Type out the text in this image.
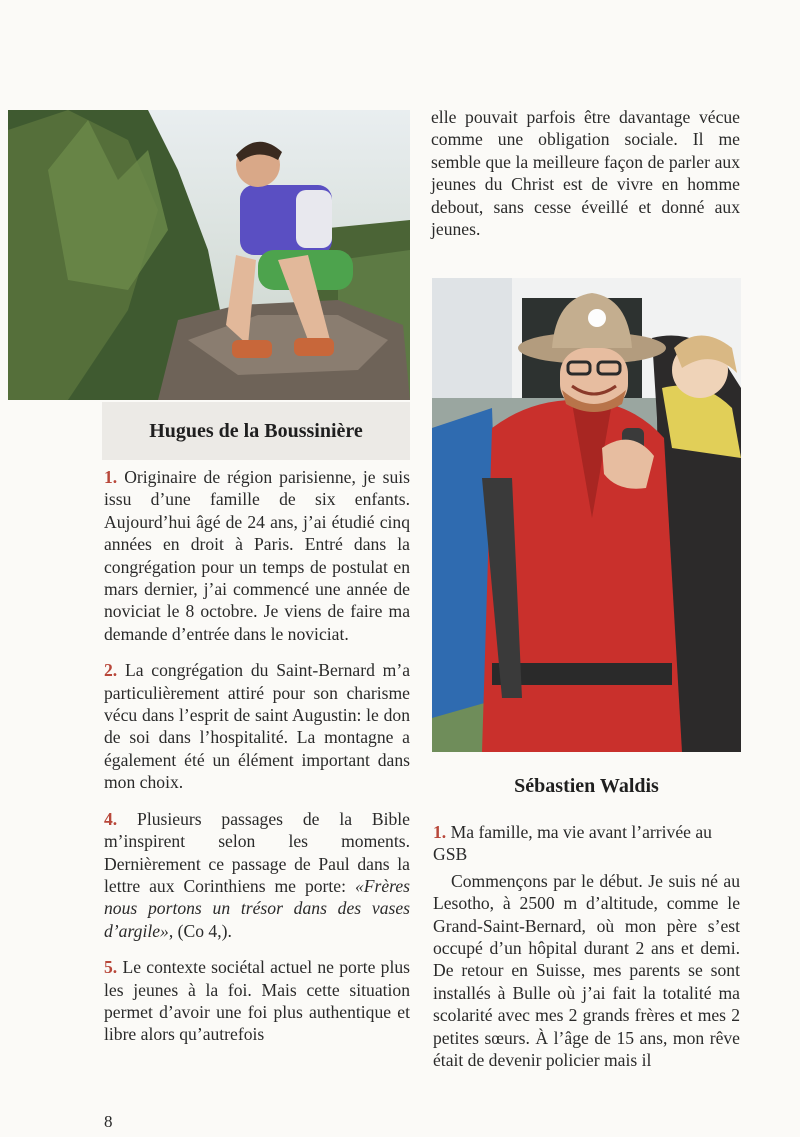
Hugues de la Boussinière

1. Originaire de région parisienne, je suis issu d’une famille de six enfants. Aujourd’hui âgé de 24 ans, j’ai étudié cinq années en droit à Paris. Entré dans la congrégation pour un temps de postulat en mars dernier, j’ai commencé une année de noviciat le 8 octobre. Je viens de faire ma demande d’entrée dans le noviciat.

2. La congrégation du Saint-Bernard m’a particulièrement attiré pour son charisme vécu dans l’esprit de saint Augustin: le don de soi dans l’hospitalité. La montagne a également été un élément important dans mon choix.

4. Plusieurs passages de la Bible m’inspirent selon les moments. Dernièrement ce passage de Paul dans la lettre aux Corinthiens me porte: «Frères nous portons un trésor dans des vases d’argile», (Co 4,).

5. Le contexte sociétal actuel ne porte plus les jeunes à la foi. Mais cette situation permet d’avoir une foi plus authentique et libre alors qu’autrefois

elle pouvait parfois être davantage vécue comme une obligation sociale. Il me semble que la meilleure façon de parler aux jeunes du Christ est de vivre en homme debout, sans cesse éveillé et donné aux jeunes.

Sébastien Waldis

1. Ma famille, ma vie avant l’arrivée au GSB

Commençons par le début. Je suis né au Lesotho, à 2500 m d’altitude, comme le Grand-Saint-Bernard, où mon père s’est occupé d’un hôpital durant 2 ans et demi. De retour en Suisse, mes parents se sont installés à Bulle où j’ai fait la totalité ma scolarité avec mes 2 grands frères et mes 2 petites sœurs. À l’âge de 15 ans, mon rêve était de devenir policier mais il

8
